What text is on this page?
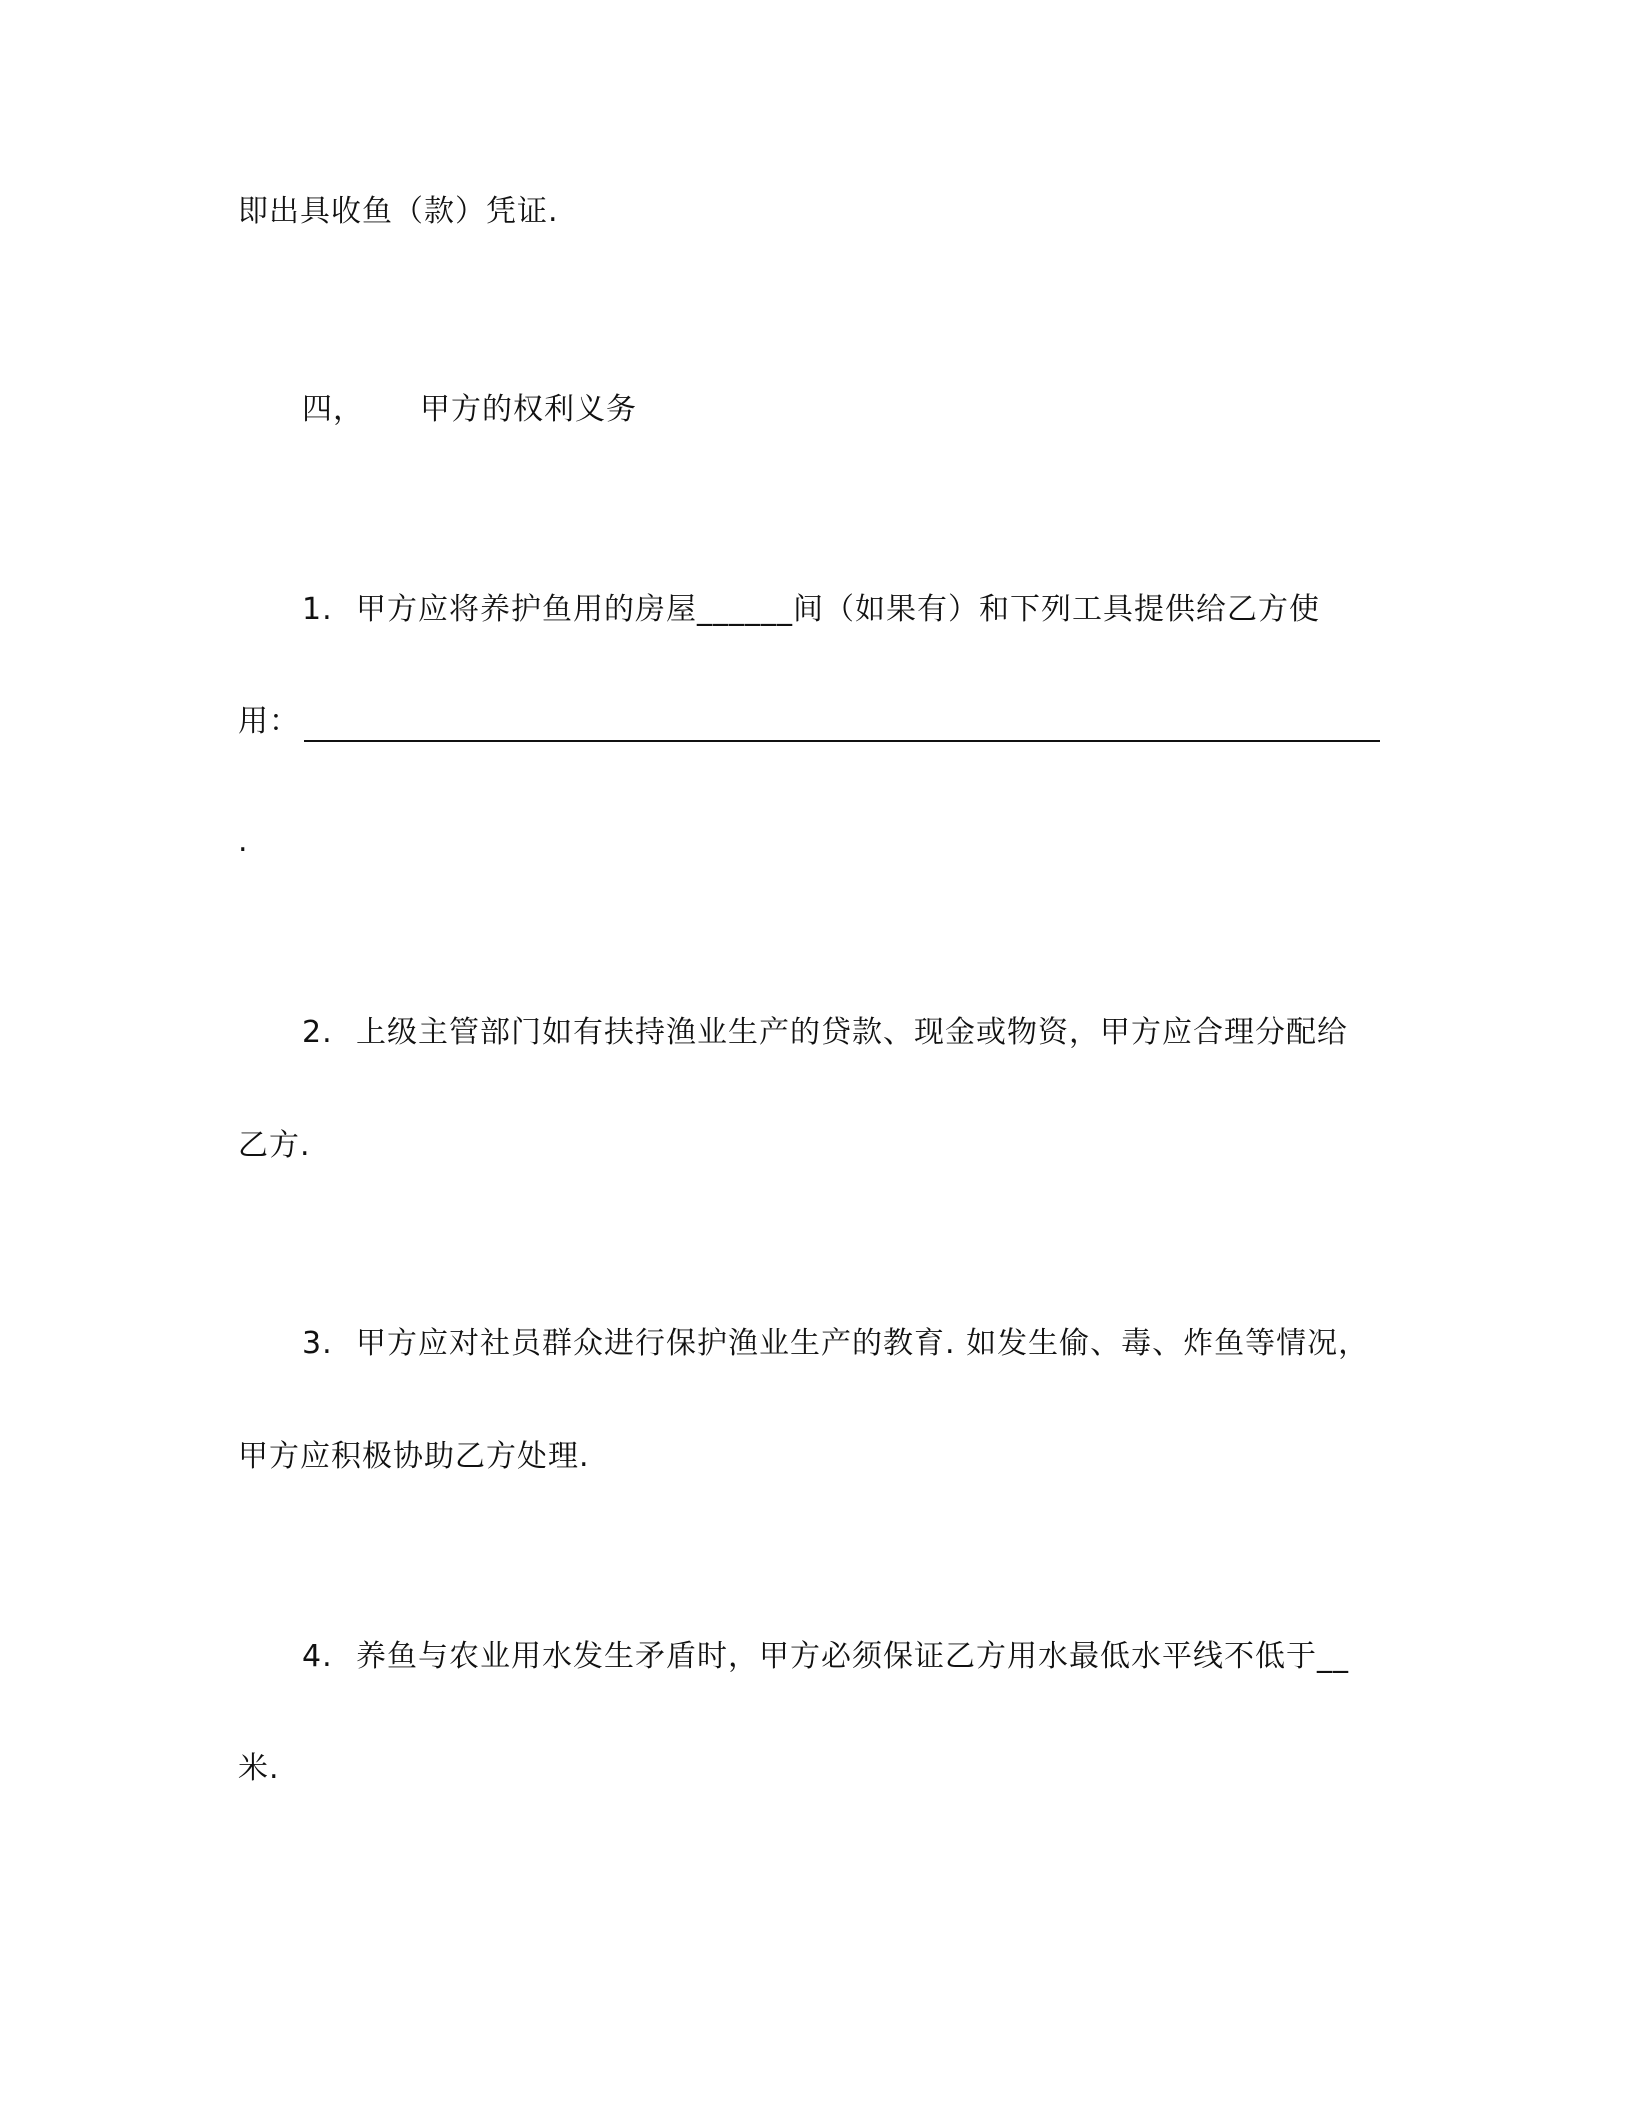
即出具收鱼（款）凭证.
四， 甲方的权利义务
1. 甲方应将养护鱼用的房屋______间（如果有）和下列工具提供给乙方使
用：
.
2. 上级主管部门如有扶持渔业生产的贷款、现金或物资，甲方应合理分配给
乙方.
3. 甲方应对社员群众进行保护渔业生产的教育. 如发生偷、毒、炸鱼等情况，
甲方应积极协助乙方处理.
4. 养鱼与农业用水发生矛盾时，甲方必须保证乙方用水最低水平线不低于__
米.
